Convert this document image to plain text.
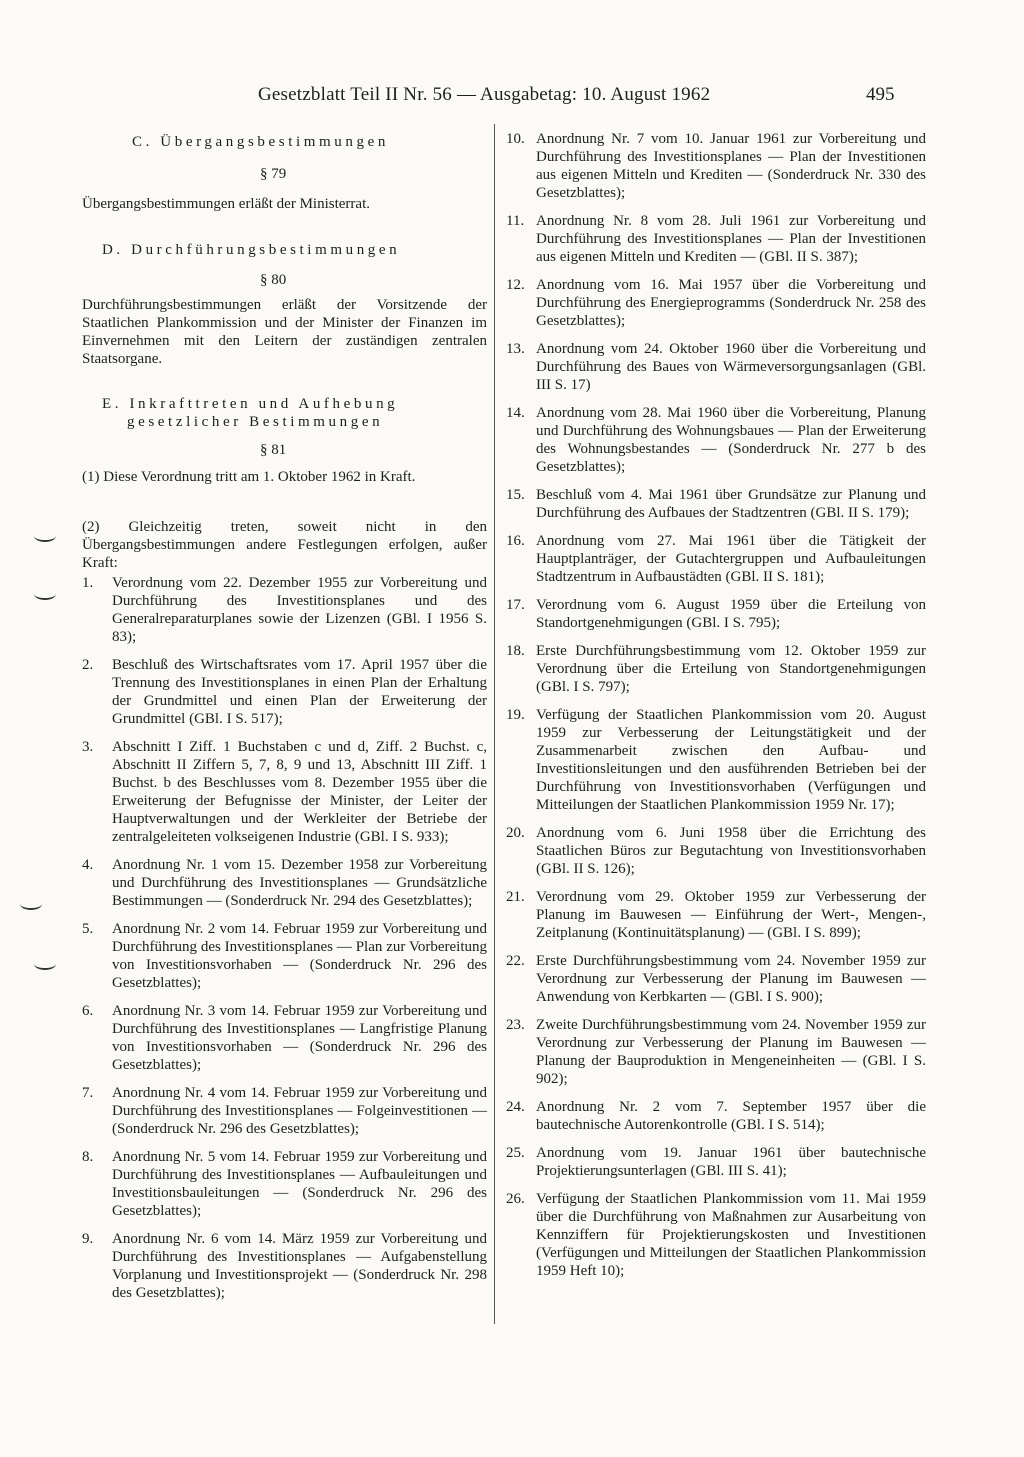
Gesetzblatt Teil II Nr. 56 — Ausgabetag: 10. August 1962	495
C. Übergangsbestimmungen
§ 79
Übergangsbestimmungen erläßt der Ministerrat.
D. Durchführungsbestimmungen
§ 80
Durchführungsbestimmungen erläßt der Vorsitzende der Staatlichen Plankommission und der Minister der Finanzen im Einvernehmen mit den Leitern der zuständigen zentralen Staatsorgane.
E. Inkrafttreten und Aufhebung
gesetzlicher Bestimmungen
§ 81
(1) Diese Verordnung tritt am 1. Oktober 1962 in Kraft.
(2) Gleichzeitig treten, soweit nicht in den Übergangsbestimmungen andere Festlegungen erfolgen, außer Kraft:
1.	Verordnung vom 22. Dezember 1955 zur Vorbereitung und Durchführung des Investitionsplanes und des Generalreparaturplanes sowie der Lizenzen (GBl. I 1956 S. 83);
2.	Beschluß des Wirtschaftsrates vom 17. April 1957 über die Trennung des Investitionsplanes in einen Plan der Erhaltung der Grundmittel und einen Plan der Erweiterung der Grundmittel (GBl. I S. 517);
3.	Abschnitt I Ziff. 1 Buchstaben c und d, Ziff. 2 Buchst. c, Abschnitt II Ziffern 5, 7, 8, 9 und 13, Abschnitt III Ziff. 1 Buchst. b des Beschlusses vom 8. Dezember 1955 über die Erweiterung der Befugnisse der Minister, der Leiter der Hauptverwaltungen und der Werkleiter der Betriebe der zentralgeleiteten volkseigenen Industrie (GBl. I S. 933);
4.	Anordnung Nr. 1 vom 15. Dezember 1958 zur Vorbereitung und Durchführung des Investitionsplanes — Grundsätzliche Bestimmungen — (Sonderdruck Nr. 294 des Gesetzblattes);
5.	Anordnung Nr. 2 vom 14. Februar 1959 zur Vorbereitung und Durchführung des Investitionsplanes — Plan zur Vorbereitung von Investitionsvorhaben — (Sonderdruck Nr. 296 des Gesetzblattes);
6.	Anordnung Nr. 3 vom 14. Februar 1959 zur Vorbereitung und Durchführung des Investitionsplanes — Langfristige Planung von Investitionsvorhaben — (Sonderdruck Nr. 296 des Gesetzblattes);
7.	Anordnung Nr. 4 vom 14. Februar 1959 zur Vorbereitung und Durchführung des Investitionsplanes — Folgeinvestitionen — (Sonderdruck Nr. 296 des Gesetzblattes);
8.	Anordnung Nr. 5 vom 14. Februar 1959 zur Vorbereitung und Durchführung des Investitionsplanes — Aufbauleitungen und Investitionsbauleitungen — (Sonderdruck Nr. 296 des Gesetzblattes);
9.	Anordnung Nr. 6 vom 14. März 1959 zur Vorbereitung und Durchführung des Investitionsplanes — Aufgabenstellung Vorplanung und Investitionsprojekt — (Sonderdruck Nr. 298 des Gesetzblattes);
10. Anordnung Nr. 7 vom 10. Januar 1961 zur Vorbereitung und Durchführung des Investitionsplanes — Plan der Investitionen aus eigenen Mitteln und Krediten — (Sonderdruck Nr. 330 des Gesetzblattes);
11. Anordnung Nr. 8 vom 28. Juli 1961 zur Vorbereitung und Durchführung des Investitionsplanes — Plan der Investitionen aus eigenen Mitteln und Krediten — (GBl. II S. 387);
12. Anordnung vom 16. Mai 1957 über die Vorbereitung und Durchführung des Energieprogramms (Sonderdruck Nr. 258 des Gesetzblattes);
13. Anordnung vom 24. Oktober 1960 über die Vorbereitung und Durchführung des Baues von Wärmeversorgungsanlagen (GBl. III S. 17)
14. Anordnung vom 28. Mai 1960 über die Vorbereitung, Planung und Durchführung des Wohnungsbaues — Plan der Erweiterung des Wohnungsbestandes — (Sonderdruck Nr. 277 b des Gesetzblattes);
15. Beschluß vom 4. Mai 1961 über Grundsätze zur Planung und Durchführung des Aufbaues der Stadtzentren (GBl. II S. 179);
16. Anordnung vom 27. Mai 1961 über die Tätigkeit der Hauptplanträger, der Gutachtergruppen und Aufbauleitungen Stadtzentrum in Aufbaustädten (GBl. II S. 181);
17. Verordnung vom 6. August 1959 über die Erteilung von Standortgenehmigungen (GBl. I S. 795);
18. Erste Durchführungsbestimmung vom 12. Oktober 1959 zur Verordnung über die Erteilung von Standortgenehmigungen (GBl. I S. 797);
19. Verfügung der Staatlichen Plankommission vom 20. August 1959 zur Verbesserung der Leitungstätigkeit und der Zusammenarbeit zwischen den Aufbau- und Investitionsleitungen und den ausführenden Betrieben bei der Durchführung von Investitionsvorhaben (Verfügungen und Mitteilungen der Staatlichen Plankommission 1959 Nr. 17);
20. Anordnung vom 6. Juni 1958 über die Errichtung des Staatlichen Büros zur Begutachtung von Investitionsvorhaben (GBl. II S. 126);
21. Verordnung vom 29. Oktober 1959 zur Verbesserung der Planung im Bauwesen — Einführung der Wert-, Mengen-, Zeitplanung (Kontinuitätsplanung) — (GBl. I S. 899);
22. Erste Durchführungsbestimmung vom 24. November 1959 zur Verordnung zur Verbesserung der Planung im Bauwesen — Anwendung von Kerbkarten — (GBl. I S. 900);
23. Zweite Durchführungsbestimmung vom 24. November 1959 zur Verordnung zur Verbesserung der Planung im Bauwesen — Planung der Bauproduktion in Mengeneinheiten — (GBl. I S. 902);
24. Anordnung Nr. 2 vom 7. September 1957 über die bautechnische Autorenkontrolle (GBl. I S. 514);
25. Anordnung vom 19. Januar 1961 über bautechnische Projektierungsunterlagen (GBl. III S. 41);
26. Verfügung der Staatlichen Plankommission vom 11. Mai 1959 über die Durchführung von Maßnahmen zur Ausarbeitung von Kennziffern für Projektierungskosten und Investitionen (Verfügungen und Mitteilungen der Staatlichen Plankommission 1959 Heft 10);
